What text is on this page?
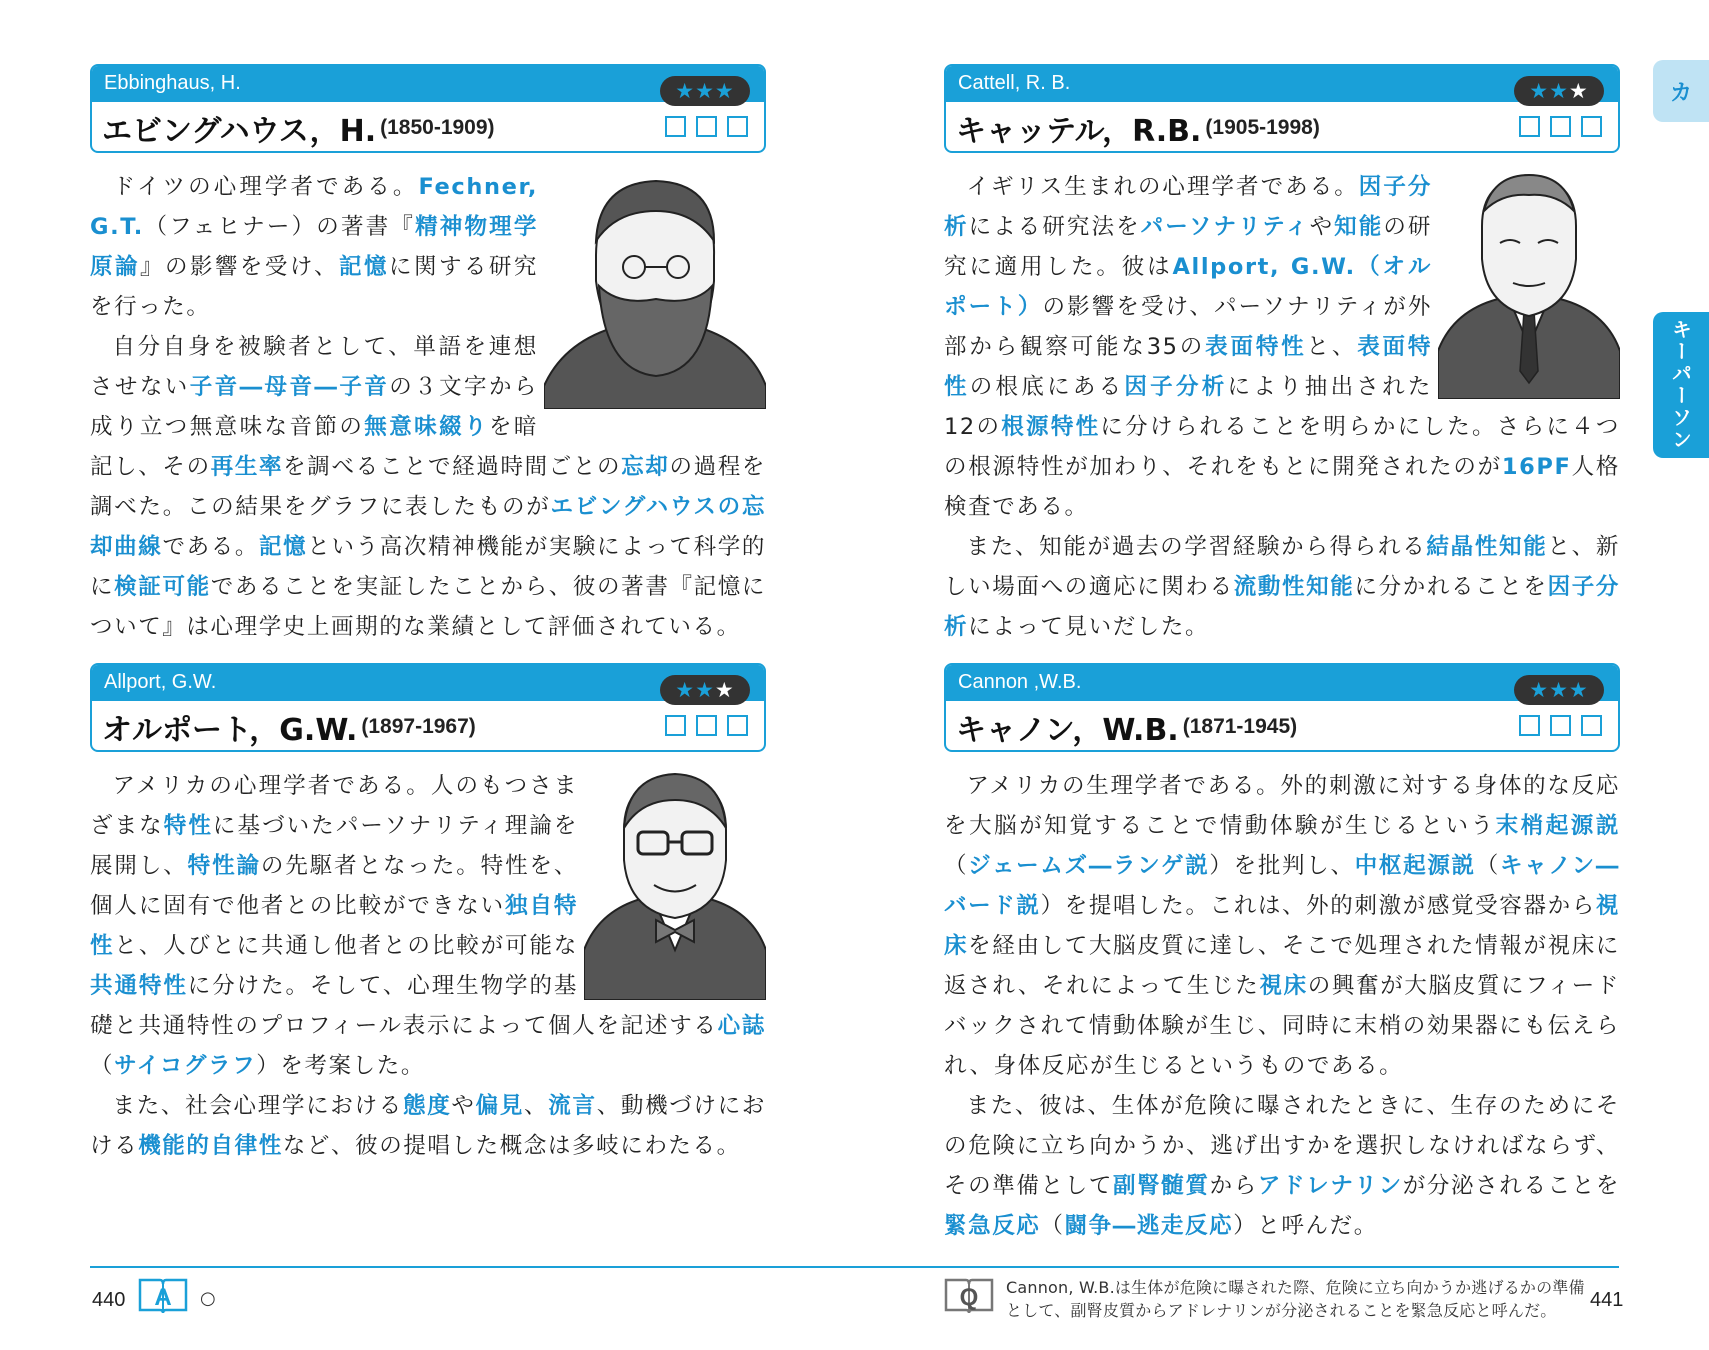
カ
キーパーソン
Ebbinghaus, H.
エビングハウス，H. (1850-1909)
★ ★ ★

ドイツの心理学者である。Fechner, G.T.（フェヒナー）の著書『精神物理学原論』の影響を受け、記憶に関する研究を行った。

自分自身を被験者として、単語を連想させない子音―母音―子音の３文字から成り立つ無意味な音節の無意味綴りを暗記し、その再生率を調べることで経過時間ごとの忘却の過程を調べた。この結果をグラフに表したものがエビングハウスの忘却曲線である。記憶という高次精神機能が実験によって科学的に検証可能であることを実証したことから、彼の著書『記憶について』は心理学史上画期的な業績として評価されている。

Allport, G.W.
オルポート，G.W. (1897-1967)
★ ★ ★

アメリカの心理学者である。人のもつさまざまな特性に基づいたパーソナリティ理論を展開し、特性論の先駆者となった。特性を、個人に固有で他者との比較ができない独自特性と、人びとに共通し他者との比較が可能な共通特性に分けた。そして、心理生物学的基礎と共通特性のプロフィール表示によって個人を記述する心誌（サイコグラフ）を考案した。

また、社会心理学における態度や偏見、流言、動機づけにおける機能的自律性など、彼の提唱した概念は多岐にわたる。

Cattell, R. B.
キャッテル，R.B. (1905-1998)
★ ★ ★

イギリス生まれの心理学者である。因子分析による研究法をパーソナリティや知能の研究に適用した。彼はAllport, G.W.（オルポート）の影響を受け、パーソナリティが外部から観察可能な35の表面特性と、表面特性の根底にある因子分析により抽出された12の根源特性に分けられることを明らかにした。さらに４つの根源特性が加わり、それをもとに開発されたのが16PF人格検査である。

また、知能が過去の学習経験から得られる結晶性知能と、新しい場面への適応に関わる流動性知能に分かれることを因子分析によって見いだした。

Cannon ,W.B.
キャノン，W.B. (1871-1945)
★ ★ ★

アメリカの生理学者である。外的刺激に対する身体的な反応を大脳が知覚することで情動体験が生じるという末梢起源説（ジェームズ―ランゲ説）を批判し、中枢起源説（キャノン―バード説）を提唱した。これは、外的刺激が感覚受容器から視床を経由して大脳皮質に達し、そこで処理された情報が視床に返され、それによって生じた視床の興奮が大脳皮質にフィードバックされて情動体験が生じ、同時に末梢の効果器にも伝えられ、身体反応が生じるというものである。

また、彼は、生体が危険に曝されたときに、生存のためにその危険に立ち向かうか、逃げ出すかを選択しなければならず、その準備として副腎髄質からアドレナリンが分泌されることを緊急反応（闘争―逃走反応）と呼んだ。

440 A ○	Q Cannon, W.B.は生体が危険に曝された際、危険に立ち向かうか逃げるかの準備として、副腎皮質からアドレナリンが分泌されることを緊急反応と呼んだ。	441
